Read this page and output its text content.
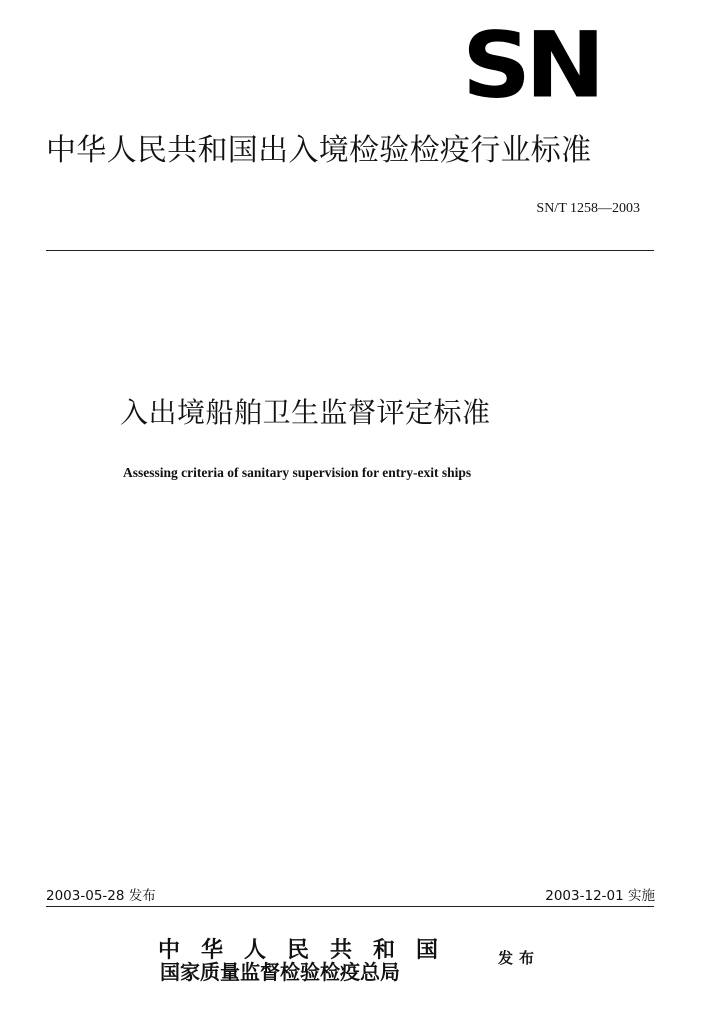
SN
中华人民共和国出入境检验检疫行业标准
SN/T 1258—2003
入出境船舶卫生监督评定标准
Assessing criteria of sanitary supervision for entry-exit ships
2003-05-28 发布	2003-12-01 实施
中华人民共和国
国家质量监督检验检疫总局
发布
